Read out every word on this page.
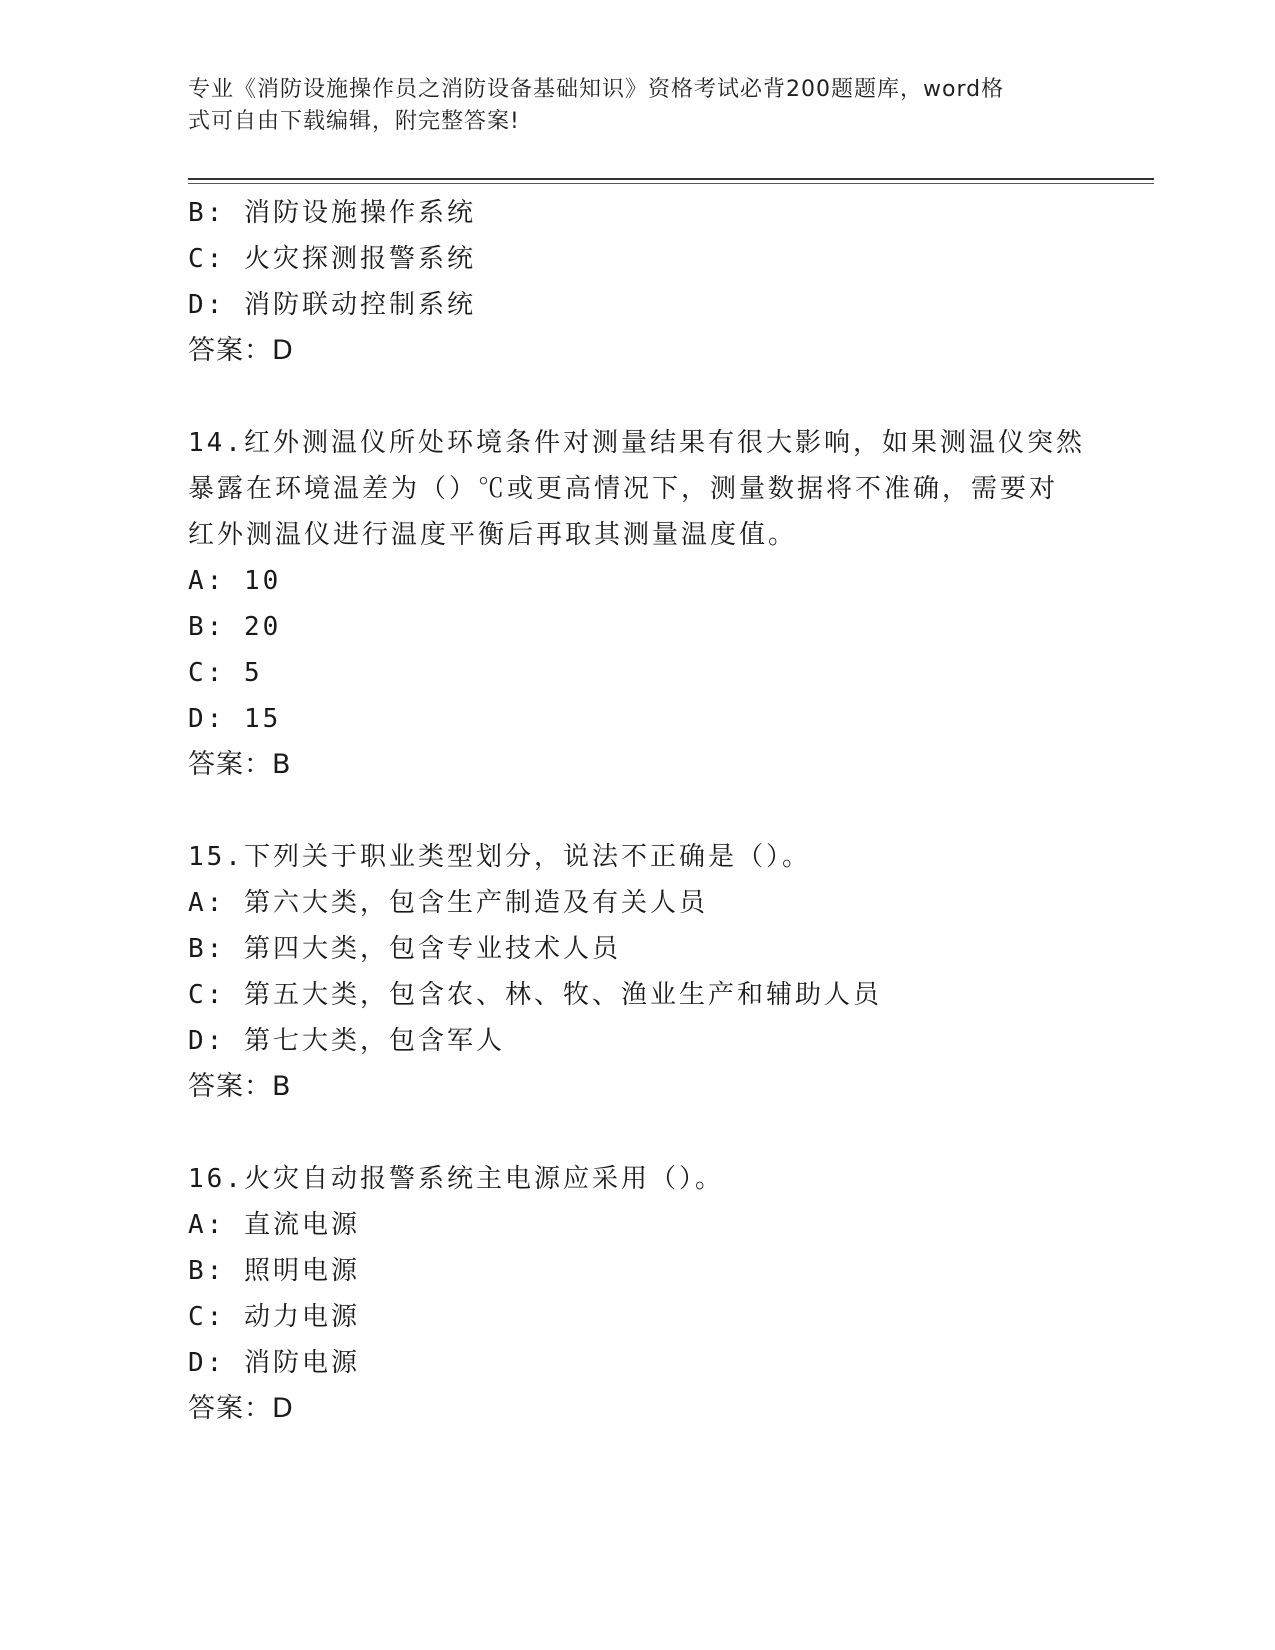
专业《消防设施操作员之消防设备基础知识》资格考试必背200题题库，word格
式可自由下载编辑，附完整答案!
B: 消防设施操作系统
C: 火灾探测报警系统
D: 消防联动控制系统
答案：D
14.红外测温仪所处环境条件对测量结果有很大影响，如果测温仪突然
暴露在环境温差为（）℃或更高情况下，测量数据将不准确，需要对
红外测温仪进行温度平衡后再取其测量温度值。
A: 10
B: 20
C: 5
D: 15
答案：B
15.下列关于职业类型划分，说法不正确是（）。
A: 第六大类，包含生产制造及有关人员
B: 第四大类，包含专业技术人员
C: 第五大类，包含农、林、牧、渔业生产和辅助人员
D: 第七大类，包含军人
答案：B
16.火灾自动报警系统主电源应采用（）。
A: 直流电源
B: 照明电源
C: 动力电源
D: 消防电源
答案：D
